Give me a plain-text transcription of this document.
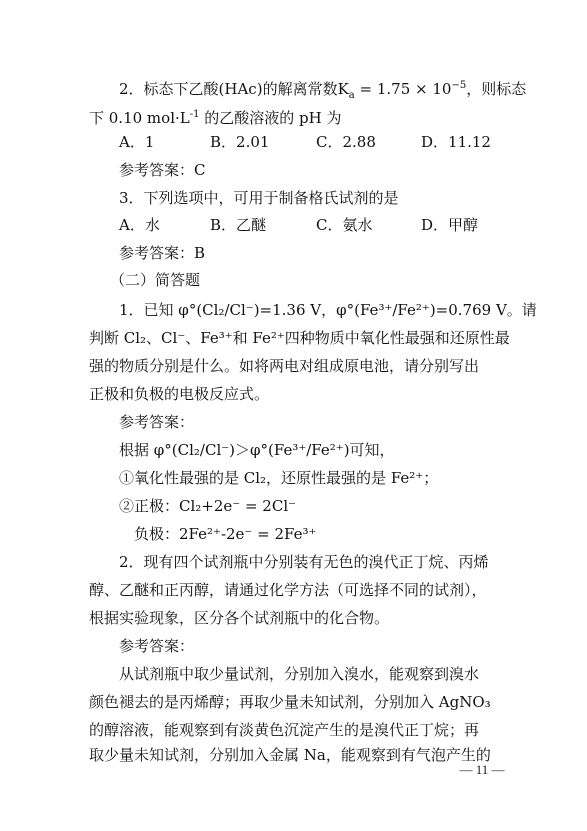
2．标态下乙酸(HAc)的解离常数$K_a = 1.75 \times 10^{-5}$，则标态
下 0.10 $mol\cdot L^{-1}$ 的乙酸溶液的 pH 为
A．1	B．2.01	C．2.88	D．11.12
参考答案：C
3．下列选项中，可用于制备格氏试剂的是
A．水	B．乙醚	C．氨水	D．甲醇
参考答案：B
（二）简答题
1．已知 φ°(Cl₂/Cl⁻)=1.36 V，φ°(Fe³⁺/Fe²⁺)=0.769 V。请
判断 Cl₂、Cl⁻、Fe³⁺和 Fe²⁺四种物质中氧化性最强和还原性最
强的物质分别是什么。如将两电对组成原电池，请分别写出
正极和负极的电极反应式。
参考答案：
根据 φ°(Cl₂/Cl⁻)＞φ°(Fe³⁺/Fe²⁺)可知，
①氧化性最强的是 Cl₂，还原性最强的是 Fe²⁺；
②正极：Cl₂+2e⁻ = 2Cl⁻
负极：2Fe²⁺-2e⁻ = 2Fe³⁺
2．现有四个试剂瓶中分别装有无色的溴代正丁烷、丙烯
醇、乙醚和正丙醇，请通过化学方法（可选择不同的试剂），
根据实验现象，区分各个试剂瓶中的化合物。
参考答案：
从试剂瓶中取少量试剂，分别加入溴水，能观察到溴水
颜色褪去的是丙烯醇；再取少量未知试剂，分别加入 AgNO₃
的醇溶液，能观察到有淡黄色沉淀产生的是溴代正丁烷；再
取少量未知试剂，分别加入金属 Na，能观察到有气泡产生的
— 11 —
